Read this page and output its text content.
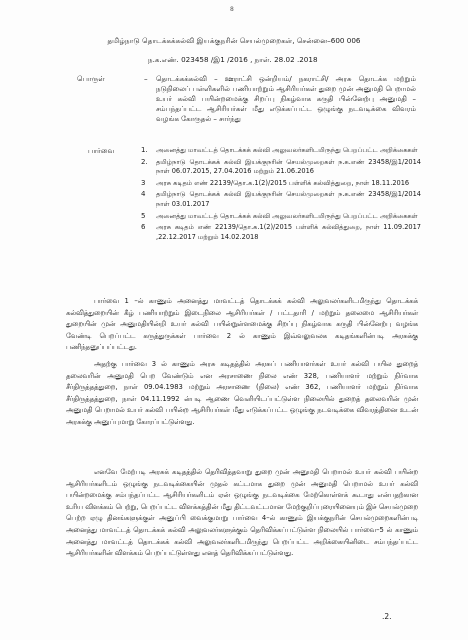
8
தமிழ்நாடு தொடக்கக்கல்வி இயக்குநரின் செயல்முறைகள், சென்னை–600 006
ந.க.எண். 023458 /இ1 /2016 , நாள். 28.02 .2018
பொருள்	– தொடக்கக்கல்வி – ஊராட்சி ஒன்றியம்/ நகராட்சி/ அரசு தொடக்க மற்றும் நடுநிலைப் பள்ளிகளில் பணியாற்றும் ஆசிரியர்கள் துறை முன் அனுமதி பெறாமல் உயர் கல்வி பயின்றமைக்கு சிறப்பு நிகழ்வாக கருதி பின்னேற்பு அனுமதி – சம்பந்தப்பட்ட ஆசிரியர்கள் மீது எடுக்கப்பட்ட ஒழுங்கு நடவடிக்கை விவரம் வழங்க கோருதல் – சார்ந்து
பார்வை	1. அனைத்து மாவட்டத் தொடக்கக் கல்வி அலுவலர்களிடமிருந்து பெறப்பட்ட அறிக்கைகள்
2. தமிழ்நாடு தொடக்கக் கல்வி இயக்குநரின் செயல்முறைகள் ந.க.எண் 23458/இ1/2014 நாள் 06.07.2015, 27.04.2016 மற்றும் 21.06.2016
3 அரசு கடிதம் எண் 22139/தொ.க.1(2)/2015 பள்ளிக் கல்வித்துறை, நாள் 18.11.2016
4 தமிழ்நாடு தொடக்கக் கல்வி இயக்குநரின் செயல்முறைகள் ந.க.எண் 23458/இ1/2014 நாள் 03.01.2017
5 அனைத்து மாவட்டத் தொடக்கக் கல்வி அலுவலர்களிடமிருந்து பெறப்பட்ட அறிக்கைகள்
6 அரசு கடிதம் எண் 22139/தொ.க.1(2)/2015 பள்ளிக் கல்வித்துறை, நாள் 11.09.2017 ,22.12.2017 மற்றும் 14.02.2018
பார்வை 1 –ல் காணும் அனைத்து மாவட்டத் தொடக்கக் கல்வி அலுவலர்களிடமிருந்து தொடக்கக் கல்வித்துறையின் கீழ் பணியாற்றும் இடைநிலை ஆசிரியர்கள் / பட்டதாரி / மற்றும் தலைமை ஆசிரியர்கள் துறையின் முன் அனுமதியின்றி உயர் கல்வி பயின்றுள்ளமைக்கு சிறப்பு நிகழ்வாக கருதி பின்னேற்பு வழங்க வேண்டி பெறப்பட்ட கருத்துருக்கள் பார்வை 2 ல் காணும் இவ்வலுவலக கடிதங்களின்படி அரசுக்கு பணிந்தனுப்பப்பட்டது.
அதற்கு பார்வை 3 ல் காணும் அரசு கடிதத்தில் அரசுப் பணியாளர்கள் உயர் கல்வி பயில துறைத் தலைவரின் அனுமதி பெற வேண்டும் என அரசாணை நிலை எண் 328, பணியாளர் மற்றும் நிர்வாக சீர்திருத்தத்துறை, நாள் 09.04.1983 மற்றும் அரசாணை (நிலை) எண் 362, பணியாளர் மற்றும் நிர்வாக சீர்திருத்தத்துறை, நாள் 04.11.1992 ன்படி ஆணை வெளியிடப்பட்டுள்ள நிலையில் துறைத் தலைவரின் முன் அனுமதி பெறாமல் உயர் கல்வி பயின்ற ஆசிரியர்கள் மீது எடுக்கப்பட்ட ஒழுங்கு நடவடிக்கை விவரத்தினை உடன் அரசுக்கு அனுப்புமாறு கோரப்பட்டுள்ளது.
எனவே மேற்படி அரசுக் கடிதத்தில் தெரிவித்தவாறு துறை முன் அனுமதி பெறாமல் உயர் கல்வி பயின்ற ஆசிரியர்களிடம் ஒழுங்கு நடவடிக்கையின் முதல் கட்டமாக துறை முன் அனுமதி பெறாமல் உயர் கல்வி பயின்றமைக்கு சம்பந்தப்பட்ட ஆசிரியர்களிடம் ஏன் ஒழுங்கு நடவடிக்கை மேற்கொள்ளக் கூடாது என்பதற்கான உரிய விளக்கம் பெற்று, பெறப்பட்ட விளக்கத்தின் மீது திட்டவட்டமான மேற்குறிப்புரையினையும் இச் செயல்முறை பெற்ற ஏழு தினங்களுக்குள் அனுப்பி வைக்குமாறு பார்வை 4–ல் காணும் இயக்குநரின் செயல்முறைகளின்படி அனைத்து மாவட்டத் தொடக்கக் கல்வி அலுவலர்களுக்கும் தெரிவிக்கப்பட்டுள்ள நிலையில் பார்வை–5 ல் காணும் அனைத்து மாவட்டத் தொடக்கக் கல்வி அலுவலர்களிடமிருந்து பெறப்பட்ட அறிக்கையினிடை சம்பந்தப்பட்ட ஆசிரியர்களின் விளக்கம் பெறப்பட்டுள்ளது எனத் தெரிவிக்கப்பட்டுள்ளது.
.2.
